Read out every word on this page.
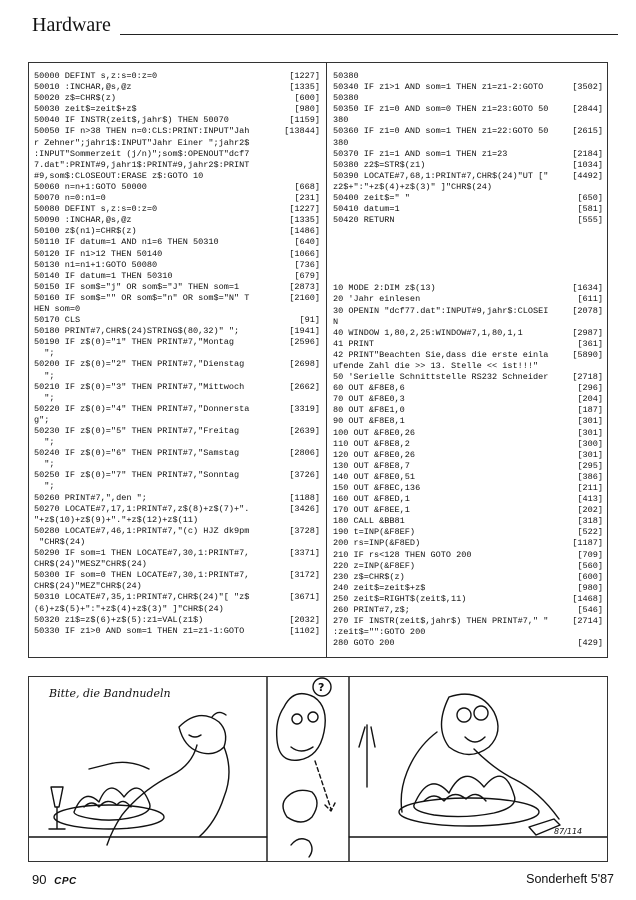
Hardware
50000 DEFINT s,z:s=0:z=0	[1227]
50010 :INCHAR,@s,@z	[1335]
50020 z$=CHR$(z)	[600]
50030 zeit$=zeit$+z$	[980]
50040 IF INSTR(zeit$,jahr$) THEN 50070	[1159]
50050 IF n>38 THEN n=0:CLS:PRINT:INPUT"Jah	[13844]
r Zehner";jahr1$:INPUT"Jahr Einer ";jahr2$
:INPUT"Sommerzeit (j/n)";som$:OPENOUT"dcf7
7.dat":PRINT#9,jahr1$:PRINT#9,jahr2$:PRINT
#9,som$:CLOSEOUT:ERASE z$:GOTO 10
50060 n=n+1:GOTO 50000	[668]
50070 n=0:n1=0	[231]
50080 DEFINT s,z:s=0:z=0	[1227]
50090 :INCHAR,@s,@z	[1335]
50100 z$(n1)=CHR$(z)	[1486]
50110 IF datum=1 AND n1=6 THEN 50310	[640]
50120 IF n1>12 THEN 50140	[1066]
50130 n1=n1+1:GOTO 50080	[736]
50140 IF datum=1 THEN 50310	[679]
50150 IF som$="j" OR som$="J" THEN som=1	[2873]
50160 IF som$="" OR som$="n" OR som$="N" T	[2160]
HEN som=0
50170 CLS	[91]
50180 PRINT#7,CHR$(24)STRING$(80,32)" ";	[1941]
50190 IF z$(0)="1" THEN PRINT#7,"Montag	[2596]
";
50200 IF z$(0)="2" THEN PRINT#7,"Dienstag	[2698]
";
50210 IF z$(0)="3" THEN PRINT#7,"Mittwoch	[2662]
";
50220 IF z$(0)="4" THEN PRINT#7,"Donnersta	[3319]
g";
50230 IF z$(0)="5" THEN PRINT#7,"Freitag	[2639]
";
50240 IF z$(0)="6" THEN PRINT#7,"Samstag	[2806]
";
50250 IF z$(0)="7" THEN PRINT#7,"Sonntag	[3726]
";
50260 PRINT#7,",den ";	[1188]
50270 LOCATE#7,17,1:PRINT#7,z$(8)+z$(7)+".	[3426]
"+z$(10)+z$(9)+"."+z$(12)+z$(11)
50280 LOCATE#7,46,1:PRINT#7,"(c) HJZ dk9pm	[3728]
"CHR$(24)
50290 IF som=1 THEN LOCATE#7,30,1:PRINT#7,	[3371]
CHR$(24)"MESZ"CHR$(24)
50300 IF som=0 THEN LOCATE#7,30,1:PRINT#7,	[3172]
CHR$(24)"MEZ"CHR$(24)
50310 LOCATE#7,35,1:PRINT#7,CHR$(24)"[ "z$	[3671]
(6)+z$(5)+":"+z$(4)+z$(3)" ]"CHR$(24)
50320 z1$=z$(6)+z$(5):z1=VAL(z1$)	[2032]
50330 IF z1>0 AND som=1 THEN z1=z1-1:GOTO	[1102]
50380
50340 IF z1>1 AND som=1 THEN z1=z1-2:GOTO	[3502]
50380
50350 IF z1=0 AND som=0 THEN z1=23:GOTO 50	[2844]
380
50360 IF z1=0 AND som=1 THEN z1=22:GOTO 50	[2615]
380
50370 IF z1=1 AND som=1 THEN z1=23	[2184]
50380 z2$=STR$(z1)	[1034]
50390 LOCATE#7,68,1:PRINT#7,CHR$(24)"UT ["	[4492]
z2$+":"+z$(4)+z$(3)" ]"CHR$(24)
50400 zeit$=" "	[650]
50410 datum=1	[581]
50420 RETURN	[555]
10 MODE 2:DIM z$(13)	[1634]
20 'Jahr einlesen	[611]
30 OPENIN "dcf77.dat":INPUT#9,jahr$:CLOSEI	[2078]
N
40 WINDOW 1,80,2,25:WINDOW#7,1,80,1,1	[2987]
41 PRINT	[361]
42 PRINT"Beachten Sie,dass die erste einla	[5890]
ufende Zahl die >> 13. Stelle << ist!!!"
50 'Serielle Schnittstelle RS232 Schneider	[2718]
60 OUT &F8E8,6	[296]
70 OUT &F8E0,3	[204]
80 OUT &F8E1,0	[187]
90 OUT &F8E8,1	[301]
100 OUT &F8E0,26	[301]
110 OUT &F8E8,2	[300]
120 OUT &F8E0,26	[301]
130 OUT &F8E8,7	[295]
140 OUT &F8E0,51	[386]
150 OUT &F8EC,136	[211]
160 OUT &F8ED,1	[413]
170 OUT &F8EE,1	[202]
180 CALL &BB81	[318]
190 t=INP(&F8EF)	[522]
200 rs=INP(&F8ED)	[1187]
210 IF rs<128 THEN GOTO 200	[709]
220 z=INP(&F8EF)	[560]
230 z$=CHR$(z)	[600]
240 zeit$=zeit$+z$	[980]
250 zeit$=RIGHT$(zeit$,11)	[1468]
260 PRINT#7,z$;	[546]
270 IF INSTR(zeit$,jahr$) THEN PRINT#7," "	[2714]
:zeit$="":GOTO 200
280 GOTO 200	[429]
87/114
?
Bitte, die Bandnudeln
90 CPC	Sonderheft 5'87
